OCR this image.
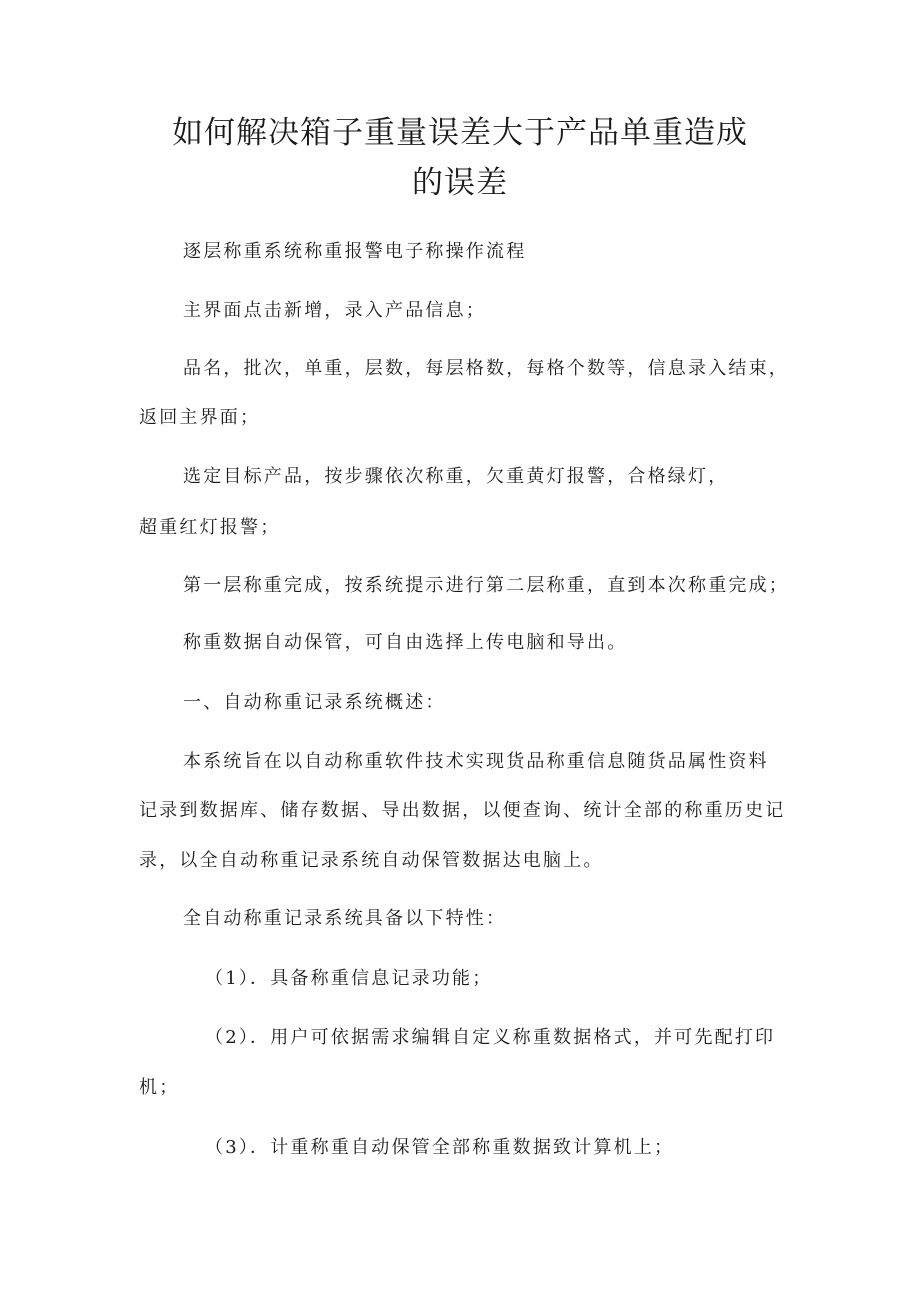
如何解决箱子重量误差大于产品单重造成
的误差

逐层称重系统称重报警电子称操作流程

主界面点击新增，录入产品信息；

品名，批次，单重，层数，每层格数，每格个数等，信息录入结束，

返回主界面；

选定目标产品，按步骤依次称重，欠重黄灯报警，合格绿灯，

超重红灯报警；

第一层称重完成，按系统提示进行第二层称重，直到本次称重完成；

称重数据自动保管，可自由选择上传电脑和导出。

一、自动称重记录系统概述：

本系统旨在以自动称重软件技术实现货品称重信息随货品属性资料

记录到数据库、储存数据、导出数据，以便查询、统计全部的称重历史记

录，以全自动称重记录系统自动保管数据达电脑上。

全自动称重记录系统具备以下特性：

（1）．具备称重信息记录功能；

（2）．用户可依据需求编辑自定义称重数据格式，并可先配打印

机；

（3）．计重称重自动保管全部称重数据致计算机上；
